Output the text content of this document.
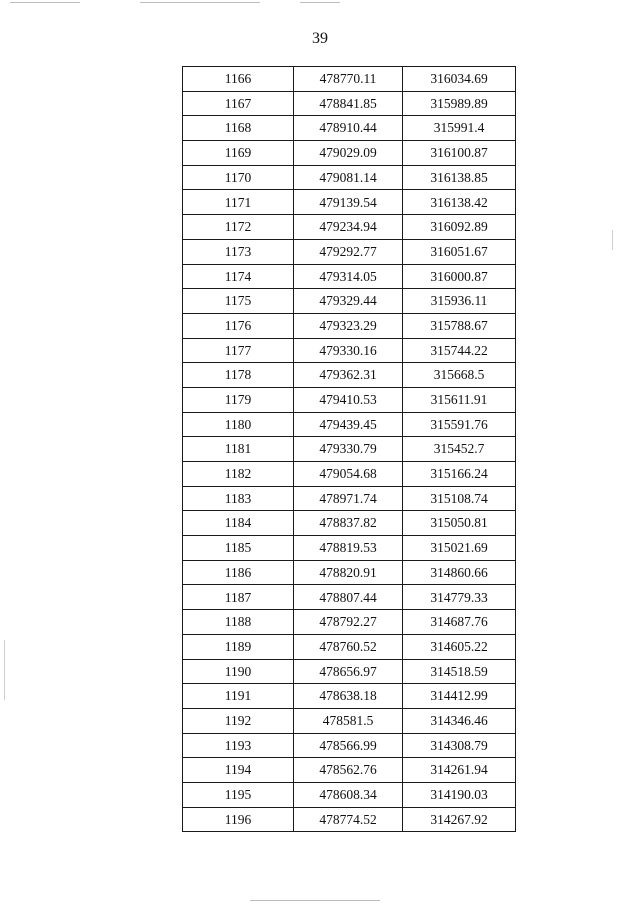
39
1166	478770.11	316034.69
1167	478841.85	315989.89
1168	478910.44	315991.4
1169	479029.09	316100.87
1170	479081.14	316138.85
1171	479139.54	316138.42
1172	479234.94	316092.89
1173	479292.77	316051.67
1174	479314.05	316000.87
1175	479329.44	315936.11
1176	479323.29	315788.67
1177	479330.16	315744.22
1178	479362.31	315668.5
1179	479410.53	315611.91
1180	479439.45	315591.76
1181	479330.79	315452.7
1182	479054.68	315166.24
1183	478971.74	315108.74
1184	478837.82	315050.81
1185	478819.53	315021.69
1186	478820.91	314860.66
1187	478807.44	314779.33
1188	478792.27	314687.76
1189	478760.52	314605.22
1190	478656.97	314518.59
1191	478638.18	314412.99
1192	478581.5	314346.46
1193	478566.99	314308.79
1194	478562.76	314261.94
1195	478608.34	314190.03
1196	478774.52	314267.92
